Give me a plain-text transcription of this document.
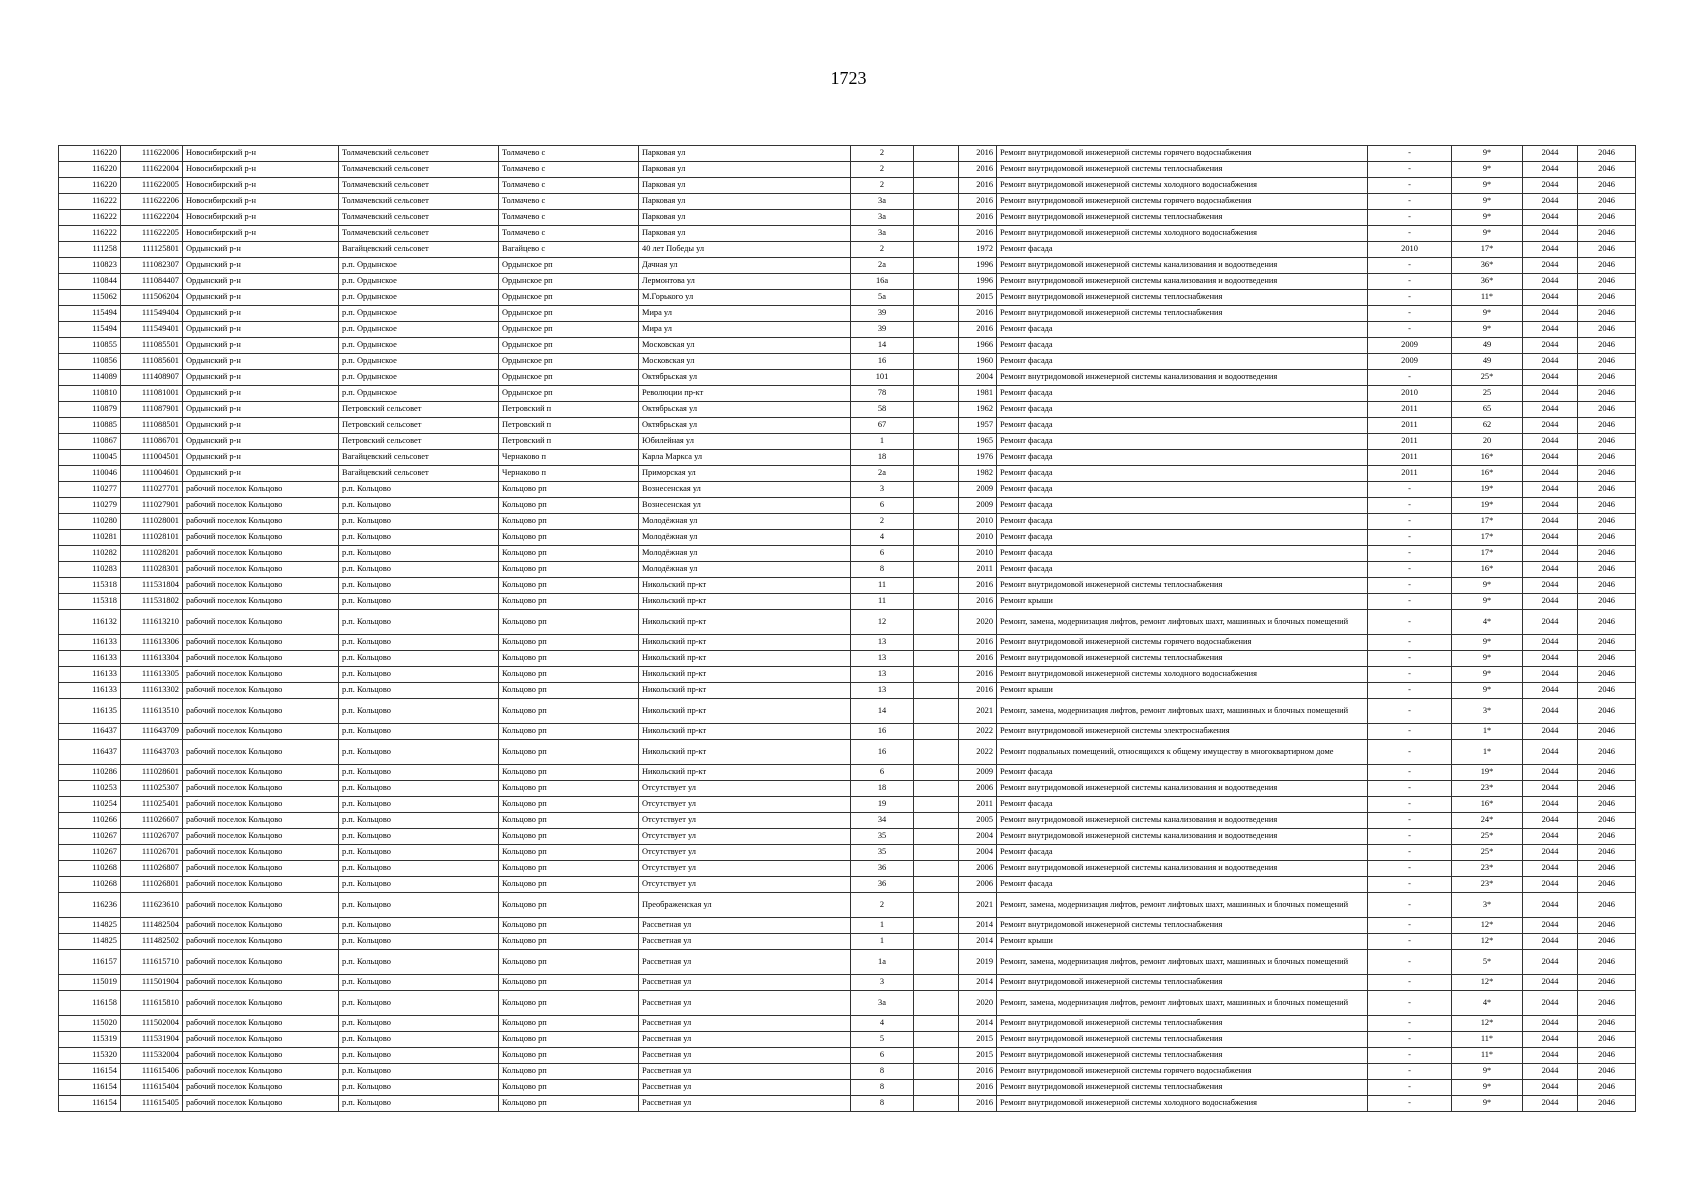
1723
116220	111622006	Новосибирский р-н	Толмачевский сельсовет	Толмачево с	Парковая ул	2		2016	Ремонт внутридомовой инженерной системы горячего водоснабжения	-	9*	2044	2046
116220	111622004	Новосибирский р-н	Толмачевский сельсовет	Толмачево с	Парковая ул	2		2016	Ремонт внутридомовой инженерной системы теплоснабжения	-	9*	2044	2046
116220	111622005	Новосибирский р-н	Толмачевский сельсовет	Толмачево с	Парковая ул	2		2016	Ремонт внутридомовой инженерной системы холодного водоснабжения	-	9*	2044	2046
116222	111622206	Новосибирский р-н	Толмачевский сельсовет	Толмачево с	Парковая ул	3а		2016	Ремонт внутридомовой инженерной системы горячего водоснабжения	-	9*	2044	2046
116222	111622204	Новосибирский р-н	Толмачевский сельсовет	Толмачево с	Парковая ул	3а		2016	Ремонт внутридомовой инженерной системы теплоснабжения	-	9*	2044	2046
116222	111622205	Новосибирский р-н	Толмачевский сельсовет	Толмачево с	Парковая ул	3а		2016	Ремонт внутридомовой инженерной системы холодного водоснабжения	-	9*	2044	2046
111258	111125801	Ордынский р-н	Вагайцевский сельсовет	Вагайцево с	40 лет Победы ул	2		1972	Ремонт фасада	2010	17*	2044	2046
110823	111082307	Ордынский р-н	р.п. Ордынское	Ордынское рп	Дачная ул	2а		1996	Ремонт внутридомовой инженерной системы канализования и водоотведения	-	36*	2044	2046
110844	111084407	Ордынский р-н	р.п. Ордынское	Ордынское рп	Лермонтова ул	16а		1996	Ремонт внутридомовой инженерной системы канализования и водоотведения	-	36*	2044	2046
115062	111506204	Ордынский р-н	р.п. Ордынское	Ордынское рп	М.Горького ул	5а		2015	Ремонт внутридомовой инженерной системы теплоснабжения	-	11*	2044	2046
115494	111549404	Ордынский р-н	р.п. Ордынское	Ордынское рп	Мира ул	39		2016	Ремонт внутридомовой инженерной системы теплоснабжения	-	9*	2044	2046
115494	111549401	Ордынский р-н	р.п. Ордынское	Ордынское рп	Мира ул	39		2016	Ремонт фасада	-	9*	2044	2046
110855	111085501	Ордынский р-н	р.п. Ордынское	Ордынское рп	Московская ул	14		1966	Ремонт фасада	2009	49	2044	2046
110856	111085601	Ордынский р-н	р.п. Ордынское	Ордынское рп	Московская ул	16		1960	Ремонт фасада	2009	49	2044	2046
114089	111408907	Ордынский р-н	р.п. Ордынское	Ордынское рп	Октябрьская ул	101		2004	Ремонт внутридомовой инженерной системы канализования и водоотведения	-	25*	2044	2046
110810	111081001	Ордынский р-н	р.п. Ордынское	Ордынское рп	Революции пр-кт	78		1981	Ремонт фасада	2010	25	2044	2046
110879	111087901	Ордынский р-н	Петровский сельсовет	Петровский п	Октябрьская ул	58		1962	Ремонт фасада	2011	65	2044	2046
110885	111088501	Ордынский р-н	Петровский сельсовет	Петровский п	Октябрьская ул	67		1957	Ремонт фасада	2011	62	2044	2046
110867	111086701	Ордынский р-н	Петровский сельсовет	Петровский п	Юбилейная ул	1		1965	Ремонт фасада	2011	20	2044	2046
110045	111004501	Ордынский р-н	Вагайцевский сельсовет	Чернаково п	Карла Маркса ул	18		1976	Ремонт фасада	2011	16*	2044	2046
110046	111004601	Ордынский р-н	Вагайцевский сельсовет	Чернаково п	Приморская ул	2а		1982	Ремонт фасада	2011	16*	2044	2046
110277	111027701	рабочий поселок Кольцово	р.п. Кольцово	Кольцово рп	Вознесенская ул	3		2009	Ремонт фасада	-	19*	2044	2046
110279	111027901	рабочий поселок Кольцово	р.п. Кольцово	Кольцово рп	Вознесенская ул	6		2009	Ремонт фасада	-	19*	2044	2046
110280	111028001	рабочий поселок Кольцово	р.п. Кольцово	Кольцово рп	Молодёжная ул	2		2010	Ремонт фасада	-	17*	2044	2046
110281	111028101	рабочий поселок Кольцово	р.п. Кольцово	Кольцово рп	Молодёжная ул	4		2010	Ремонт фасада	-	17*	2044	2046
110282	111028201	рабочий поселок Кольцово	р.п. Кольцово	Кольцово рп	Молодёжная ул	6		2010	Ремонт фасада	-	17*	2044	2046
110283	111028301	рабочий поселок Кольцово	р.п. Кольцово	Кольцово рп	Молодёжная ул	8		2011	Ремонт фасада	-	16*	2044	2046
115318	111531804	рабочий поселок Кольцово	р.п. Кольцово	Кольцово рп	Никольский пр-кт	11		2016	Ремонт внутридомовой инженерной системы теплоснабжения	-	9*	2044	2046
115318	111531802	рабочий поселок Кольцово	р.п. Кольцово	Кольцово рп	Никольский пр-кт	11		2016	Ремонт крыши	-	9*	2044	2046
116132	111613210	рабочий поселок Кольцово	р.п. Кольцово	Кольцово рп	Никольский пр-кт	12		2020	Ремонт, замена, модернизация лифтов, ремонт лифтовых шахт, машинных и блочных помещений	-	4*	2044	2046
116133	111613306	рабочий поселок Кольцово	р.п. Кольцово	Кольцово рп	Никольский пр-кт	13		2016	Ремонт внутридомовой инженерной системы горячего водоснабжения	-	9*	2044	2046
116133	111613304	рабочий поселок Кольцово	р.п. Кольцово	Кольцово рп	Никольский пр-кт	13		2016	Ремонт внутридомовой инженерной системы теплоснабжения	-	9*	2044	2046
116133	111613305	рабочий поселок Кольцово	р.п. Кольцово	Кольцово рп	Никольский пр-кт	13		2016	Ремонт внутридомовой инженерной системы холодного водоснабжения	-	9*	2044	2046
116133	111613302	рабочий поселок Кольцово	р.п. Кольцово	Кольцово рп	Никольский пр-кт	13		2016	Ремонт крыши	-	9*	2044	2046
116135	111613510	рабочий поселок Кольцово	р.п. Кольцово	Кольцово рп	Никольский пр-кт	14		2021	Ремонт, замена, модернизация лифтов, ремонт лифтовых шахт, машинных и блочных помещений	-	3*	2044	2046
116437	111643709	рабочий поселок Кольцово	р.п. Кольцово	Кольцово рп	Никольский пр-кт	16		2022	Ремонт внутридомовой инженерной системы электроснабжения	-	1*	2044	2046
116437	111643703	рабочий поселок Кольцово	р.п. Кольцово	Кольцово рп	Никольский пр-кт	16		2022	Ремонт подвальных помещений, относящихся к общему имуществу в многоквартирном доме	-	1*	2044	2046
110286	111028601	рабочий поселок Кольцово	р.п. Кольцово	Кольцово рп	Никольский пр-кт	6		2009	Ремонт фасада	-	19*	2044	2046
110253	111025307	рабочий поселок Кольцово	р.п. Кольцово	Кольцово рп	Отсутствует ул	18		2006	Ремонт внутридомовой инженерной системы канализования и водоотведения	-	23*	2044	2046
110254	111025401	рабочий поселок Кольцово	р.п. Кольцово	Кольцово рп	Отсутствует ул	19		2011	Ремонт фасада	-	16*	2044	2046
110266	111026607	рабочий поселок Кольцово	р.п. Кольцово	Кольцово рп	Отсутствует ул	34		2005	Ремонт внутридомовой инженерной системы канализования и водоотведения	-	24*	2044	2046
110267	111026707	рабочий поселок Кольцово	р.п. Кольцово	Кольцово рп	Отсутствует ул	35		2004	Ремонт внутридомовой инженерной системы канализования и водоотведения	-	25*	2044	2046
110267	111026701	рабочий поселок Кольцово	р.п. Кольцово	Кольцово рп	Отсутствует ул	35		2004	Ремонт фасада	-	25*	2044	2046
110268	111026807	рабочий поселок Кольцово	р.п. Кольцово	Кольцово рп	Отсутствует ул	36		2006	Ремонт внутридомовой инженерной системы канализования и водоотведения	-	23*	2044	2046
110268	111026801	рабочий поселок Кольцово	р.п. Кольцово	Кольцово рп	Отсутствует ул	36		2006	Ремонт фасада	-	23*	2044	2046
116236	111623610	рабочий поселок Кольцово	р.п. Кольцово	Кольцово рп	Преображенская ул	2		2021	Ремонт, замена, модернизация лифтов, ремонт лифтовых шахт, машинных и блочных помещений	-	3*	2044	2046
114825	111482504	рабочий поселок Кольцово	р.п. Кольцово	Кольцово рп	Рассветная ул	1		2014	Ремонт внутридомовой инженерной системы теплоснабжения	-	12*	2044	2046
114825	111482502	рабочий поселок Кольцово	р.п. Кольцово	Кольцово рп	Рассветная ул	1		2014	Ремонт крыши	-	12*	2044	2046
116157	111615710	рабочий поселок Кольцово	р.п. Кольцово	Кольцово рп	Рассветная ул	1а		2019	Ремонт, замена, модернизация лифтов, ремонт лифтовых шахт, машинных и блочных помещений	-	5*	2044	2046
115019	111501904	рабочий поселок Кольцово	р.п. Кольцово	Кольцово рп	Рассветная ул	3		2014	Ремонт внутридомовой инженерной системы теплоснабжения	-	12*	2044	2046
116158	111615810	рабочий поселок Кольцово	р.п. Кольцово	Кольцово рп	Рассветная ул	3а		2020	Ремонт, замена, модернизация лифтов, ремонт лифтовых шахт, машинных и блочных помещений	-	4*	2044	2046
115020	111502004	рабочий поселок Кольцово	р.п. Кольцово	Кольцово рп	Рассветная ул	4		2014	Ремонт внутридомовой инженерной системы теплоснабжения	-	12*	2044	2046
115319	111531904	рабочий поселок Кольцово	р.п. Кольцово	Кольцово рп	Рассветная ул	5		2015	Ремонт внутридомовой инженерной системы теплоснабжения	-	11*	2044	2046
115320	111532004	рабочий поселок Кольцово	р.п. Кольцово	Кольцово рп	Рассветная ул	6		2015	Ремонт внутридомовой инженерной системы теплоснабжения	-	11*	2044	2046
116154	111615406	рабочий поселок Кольцово	р.п. Кольцово	Кольцово рп	Рассветная ул	8		2016	Ремонт внутридомовой инженерной системы горячего водоснабжения	-	9*	2044	2046
116154	111615404	рабочий поселок Кольцово	р.п. Кольцово	Кольцово рп	Рассветная ул	8		2016	Ремонт внутридомовой инженерной системы теплоснабжения	-	9*	2044	2046
116154	111615405	рабочий поселок Кольцово	р.п. Кольцово	Кольцово рп	Рассветная ул	8		2016	Ремонт внутридомовой инженерной системы холодного водоснабжения	-	9*	2044	2046
